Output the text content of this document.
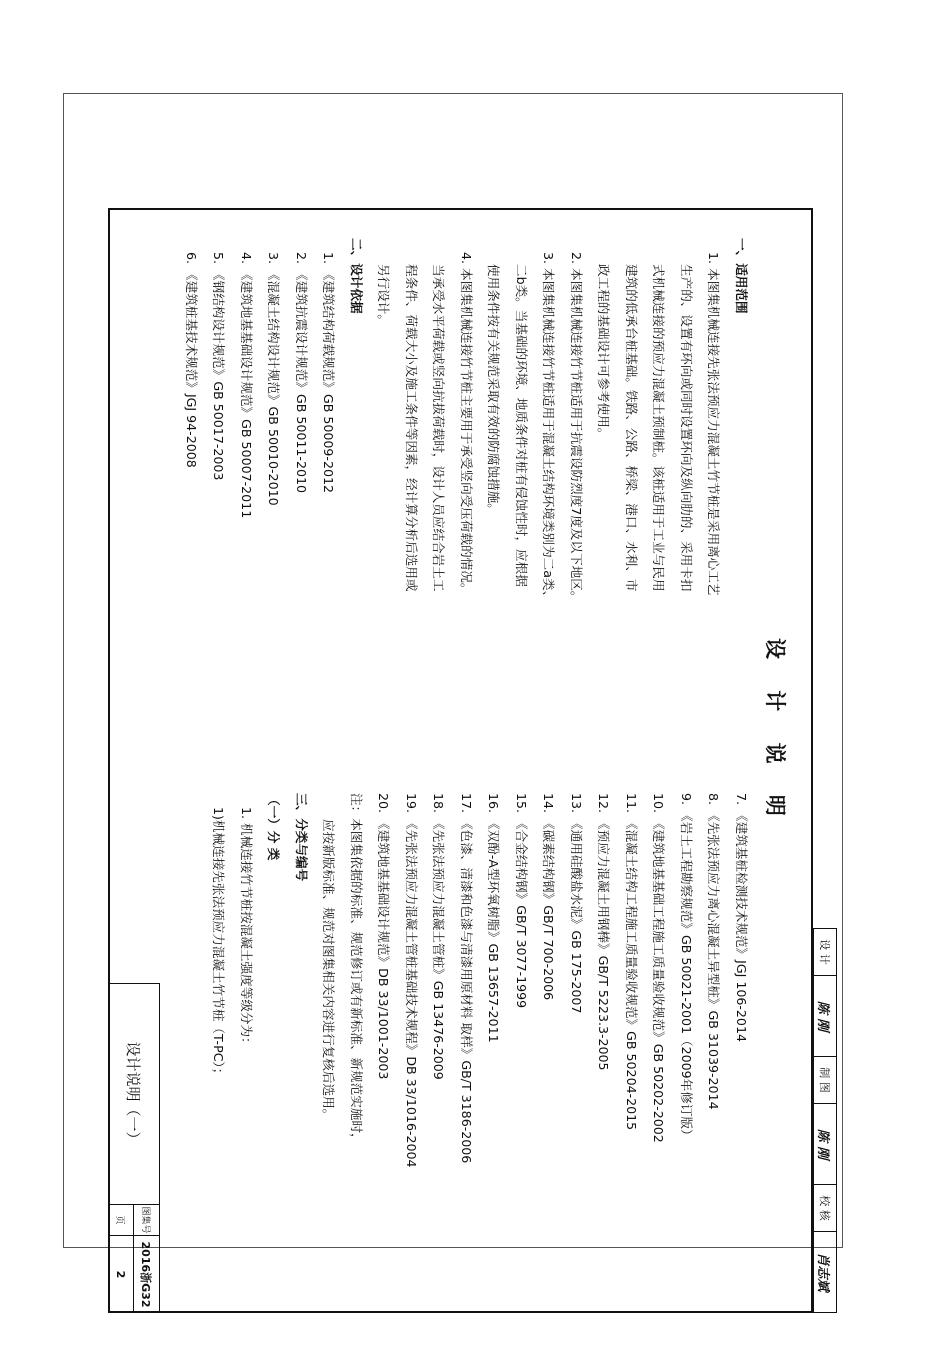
设 计
陈 刚
制 图
陈 刚
校 核
肖志斌
设 计 说 明
一、适用范围
1. 本图集机械连接先张法预应力混凝土竹节桩是采用离心工艺
生产的、设置有环向或同时设置环向及纵向肋的、采用卡扣
式机械连接的预应力混凝土预制桩。该桩适用于工业与民用
建筑的低承台桩基础。铁路、公路、桥梁、港口、水利、市
政工程的基础设计可参考使用。
2. 本图集机械连接竹节桩适用于抗震设防烈度7度及以下地区。
3. 本图集机械连接竹节桩适用于混凝土结构环境类别为二a类、
二b类。当基础的环境、地质条件对桩有侵蚀性时，应根据
使用条件按有关规范采取有效的防腐蚀措施。
4. 本图集机械连接竹节桩主要用于承受竖向受压荷载的情况。
当承受水平荷载或竖向抗拔荷载时，设计人员应结合岩土工
程条件、荷载大小及施工条件等因素，经计算分析后选用或
另行设计。
二、设计依据
1. 《建筑结构荷载规范》GB 50009-2012
2. 《建筑抗震设计规范》GB 50011-2010
3. 《混凝土结构设计规范》GB 50010-2010
4. 《建筑地基基础设计规范》GB 50007-2011
5. 《钢结构设计规范》GB 50017-2003
6. 《建筑桩基技术规范》JGJ 94-2008
7. 《建筑基桩检测技术规范》JGJ 106-2014
8. 《先张法预应力离心混凝土异型桩》GB 31039-2014
9. 《岩土工程勘察规范》GB 50021-2001（2009年修订版）
10. 《建筑地基基础工程施工质量验收规范》GB 50202-2002
11. 《混凝土结构工程施工质量验收规范》GB 50204-2015
12. 《预应力混凝土用钢棒》GB/T 5223.3-2005
13. 《通用硅酸盐水泥》GB 175-2007
14. 《碳素结构钢》GB/T 700-2006
15. 《合金结构钢》GB/T 3077-1999
16. 《双酚-A型环氧树脂》GB 13657-2011
17. 《色漆、清漆和色漆与清漆用原材料 取样》GB/T 3186-2006
18. 《先张法预应力混凝土管桩》GB 13476-2009
19. 《先张法预应力混凝土管桩基础技术规程》DB 33/1016-2004
20. 《建筑地基基础设计规范》DB 33/1001-2003
注：本图集依据的标准、规范修订或有新标准、新规范实施时，
应按新版标准、规范对图集相关内容进行复核后选用。
三、分类与编号
（一）分 类
1. 机械连接竹节桩按混凝土强度等级分为：
1)机械连接先张法预应力混凝土竹节桩（T-PC）；
设计说明（一）
图集号
2016浙G32
页
2
